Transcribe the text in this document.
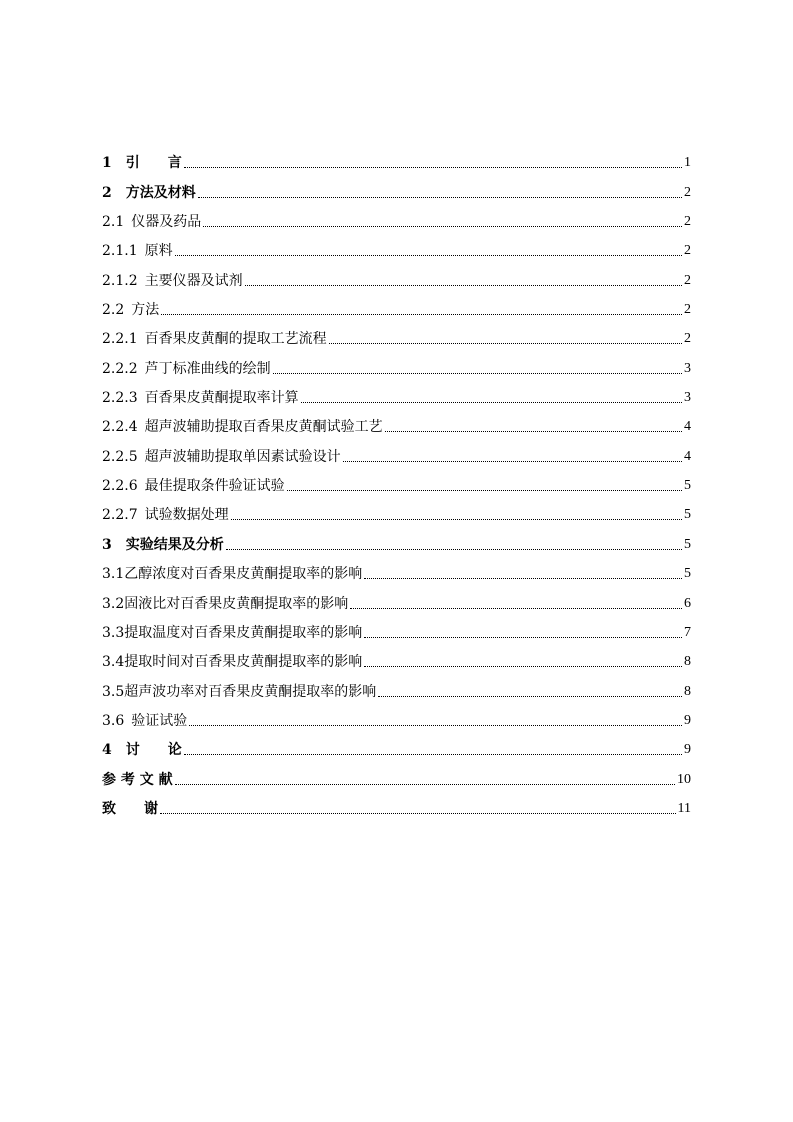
1 引　　言	1
2 方法及材料	2
2.1 仪器及药品	2
2.1.1 原料	2
2.1.2 主要仪器及试剂	2
2.2 方法	2
2.2.1 百香果皮黄酮的提取工艺流程	2
2.2.2 芦丁标准曲线的绘制	3
2.2.3 百香果皮黄酮提取率计算	3
2.2.4 超声波辅助提取百香果皮黄酮试验工艺	4
2.2.5 超声波辅助提取单因素试验设计	4
2.2.6 最佳提取条件验证试验	5
2.2.7 试验数据处理	5
3 实验结果及分析	5
3.1乙醇浓度对百香果皮黄酮提取率的影响	5
3.2固液比对百香果皮黄酮提取率的影响	6
3.3提取温度对百香果皮黄酮提取率的影响	7
3.4提取时间对百香果皮黄酮提取率的影响	8
3.5超声波功率对百香果皮黄酮提取率的影响	8
3.6 验证试验	9
4 讨　　论	9
参 考 文 献	10
致　　谢	11
